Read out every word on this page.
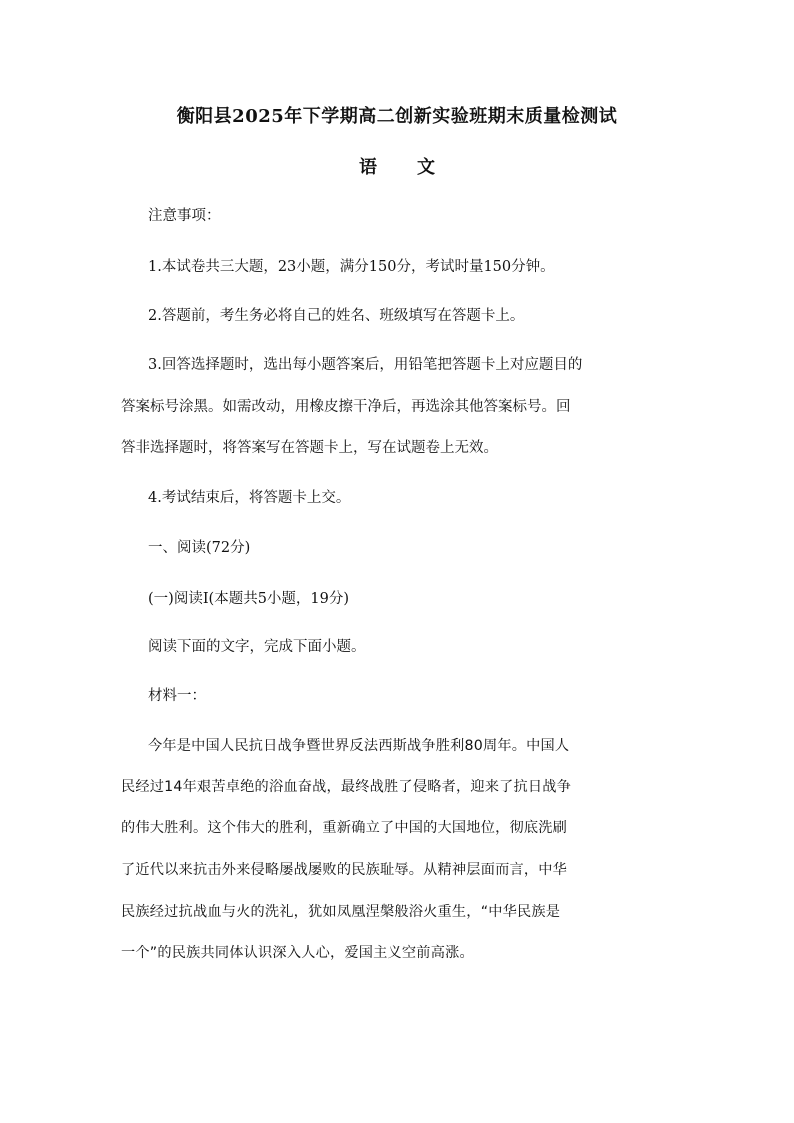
衡阳县2025年下学期高二创新实验班期末质量检测试
语 文
注意事项：
1.本试卷共三大题，23小题，满分150分，考试时量150分钟。
2.答题前，考生务必将自己的姓名、班级填写在答题卡上。
3.回答选择题时，选出每小题答案后，用铅笔把答题卡上对应题目的
答案标号涂黑。如需改动，用橡皮擦干净后，再选涂其他答案标号。回
答非选择题时，将答案写在答题卡上，写在试题卷上无效。
4.考试结束后，将答题卡上交。
一、阅读(72分)
(一)阅读Ⅰ(本题共5小题，19分)
阅读下面的文字，完成下面小题。
材料一：
今年是中国人民抗日战争暨世界反法西斯战争胜利80周年。中国人
民经过14年艰苦卓绝的浴血奋战，最终战胜了侵略者，迎来了抗日战争
的伟大胜利。这个伟大的胜利，重新确立了中国的大国地位，彻底洗刷
了近代以来抗击外来侵略屡战屡败的民族耻辱。从精神层面而言，中华
民族经过抗战血与火的洗礼，犹如凤凰涅槃般浴火重生，“中华民族是
一个”的民族共同体认识深入人心，爱国主义空前高涨。
